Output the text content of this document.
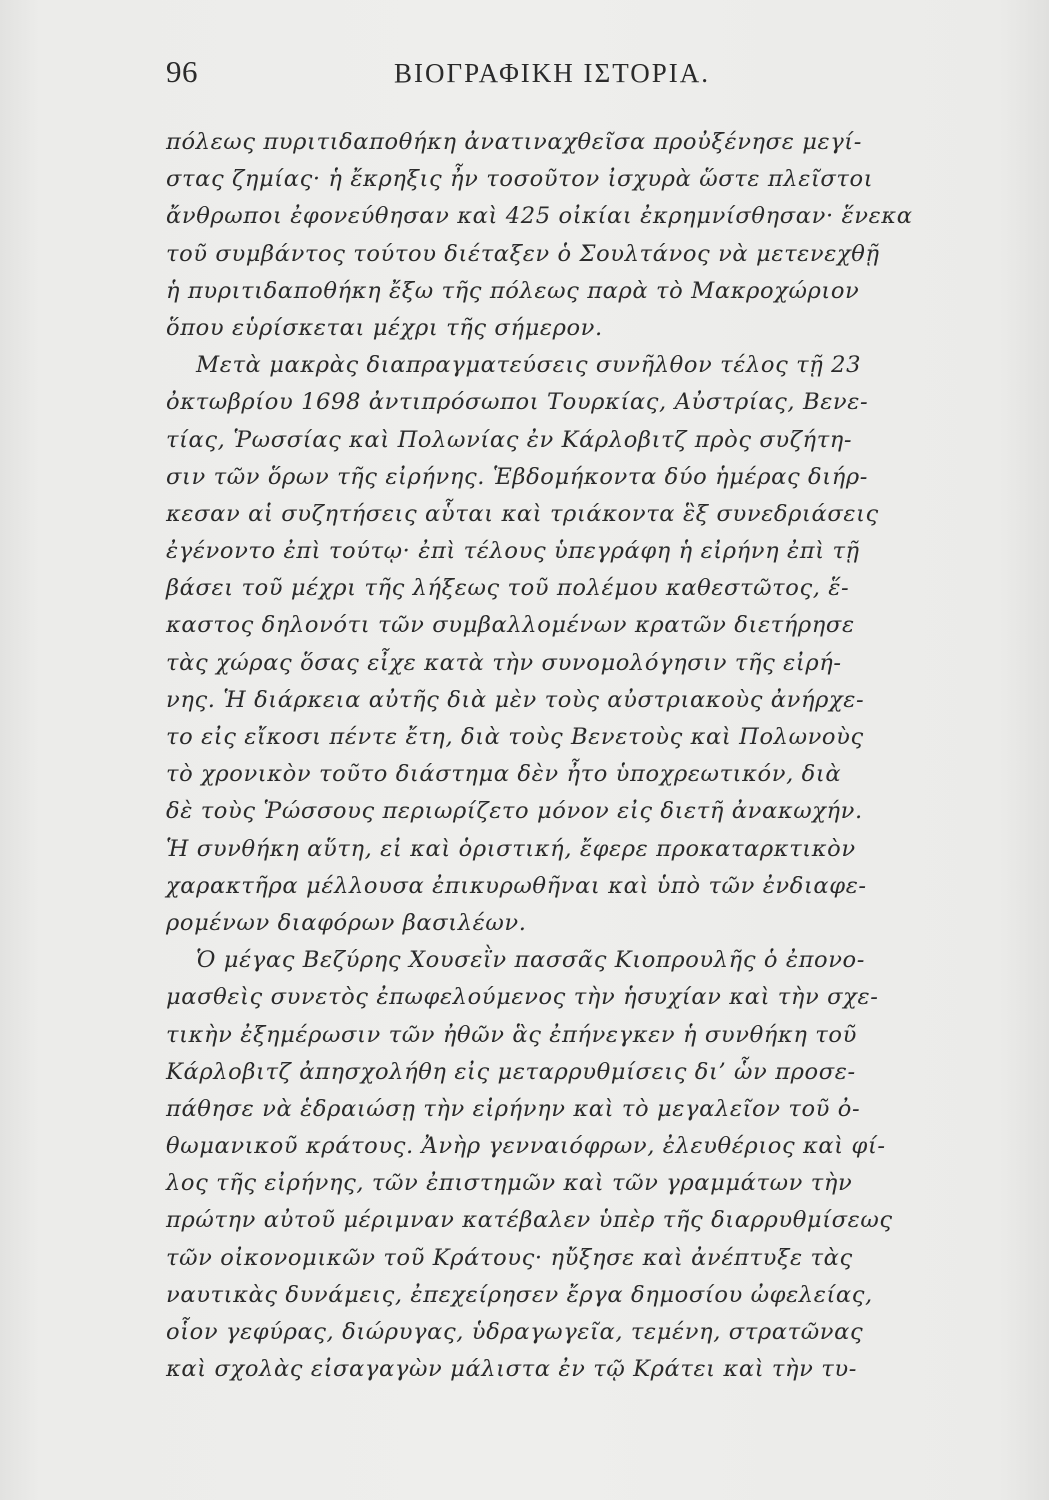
96	ΒΙΟΓΡΑΦΙΚΗ ΙΣΤΟΡΙΑ.
πόλεως πυριτιδαποθήκη ἀνατιναχθεῖσα προὐξένησε μεγί-
στας ζημίας· ἡ ἔκρηξις ἦν τοσοῦτον ἰσχυρὰ ὥστε πλεῖστοι
ἄνθρωποι ἐφονεύθησαν καὶ 425 οἰκίαι ἐκρημνίσθησαν· ἕνεκα
τοῦ συμβάντος τούτου διέταξεν ὁ Σουλτάνος νὰ μετενεχθῇ
ἡ πυριτιδαποθήκη ἔξω τῆς πόλεως παρὰ τὸ Μακροχώριον
ὅπου εὑρίσκεται μέχρι τῆς σήμερον.
Μετὰ μακρὰς διαπραγματεύσεις συνῆλθον τέλος τῇ 23
ὀκτωβρίου 1698 ἀντιπρόσωποι Τουρκίας, Αὐστρίας, Βενε-
τίας, Ῥωσσίας καὶ Πολωνίας ἐν Κάρλοβιτζ πρὸς συζήτη-
σιν τῶν ὅρων τῆς εἰρήνης. Ἑβδομήκοντα δύο ἡμέρας διήρ-
κεσαν αἱ συζητήσεις αὗται καὶ τριάκοντα ἓξ συνεδριάσεις
ἐγένοντο ἐπὶ τούτῳ· ἐπὶ τέλους ὑπεγράφη ἡ εἰρήνη ἐπὶ τῇ
βάσει τοῦ μέχρι τῆς λήξεως τοῦ πολέμου καθεστῶτος, ἕ-
καστος δηλονότι τῶν συμβαλλομένων κρατῶν διετήρησε
τὰς χώρας ὅσας εἶχε κατὰ τὴν συνομολόγησιν τῆς εἰρή-
νης. Ἡ διάρκεια αὐτῆς διὰ μὲν τοὺς αὐστριακοὺς ἀνήρχε-
το εἰς εἴκοσι πέντε ἔτη, διὰ τοὺς Βενετοὺς καὶ Πολωνοὺς
τὸ χρονικὸν τοῦτο διάστημα δὲν ἦτο ὑποχρεωτικόν, διὰ
δὲ τοὺς Ῥώσσους περιωρίζετο μόνον εἰς διετῆ ἀνακωχήν.
Ἡ συνθήκη αὕτη, εἰ καὶ ὁριστική, ἔφερε προκαταρκτικὸν
χαρακτῆρα μέλλουσα ἐπικυρωθῆναι καὶ ὑπὸ τῶν ἐνδιαφε-
ρομένων διαφόρων βασιλέων.
Ὁ μέγας Βεζύρης Χουσεῒν πασσᾶς Κιοπρουλῆς ὁ ἐπονο-
μασθεὶς συνετὸς ἐπωφελούμενος τὴν ἡσυχίαν καὶ τὴν σχε-
τικὴν ἐξημέρωσιν τῶν ἠθῶν ἃς ἐπήνεγκεν ἡ συνθήκη τοῦ
Κάρλοβιτζ ἀπησχολήθη εἰς μεταρρυθμίσεις δι’ ὧν προσε-
πάθησε νὰ ἑδραιώσῃ τὴν εἰρήνην καὶ τὸ μεγαλεῖον τοῦ ὀ-
θωμανικοῦ κράτους. Ἀνὴρ γενναιόφρων, ἐλευθέριος καὶ φί-
λος τῆς εἰρήνης, τῶν ἐπιστημῶν καὶ τῶν γραμμάτων τὴν
πρώτην αὐτοῦ μέριμναν κατέβαλεν ὑπὲρ τῆς διαρρυθμίσεως
τῶν οἰκονομικῶν τοῦ Κράτους· ηὔξησε καὶ ἀνέπτυξε τὰς
ναυτικὰς δυνάμεις, ἐπεχείρησεν ἔργα δημοσίου ὠφελείας,
οἷον γεφύρας, διώρυγας, ὑδραγωγεῖα, τεμένη, στρατῶνας
καὶ σχολὰς εἰσαγαγὼν μάλιστα ἐν τῷ Κράτει καὶ τὴν τυ-
